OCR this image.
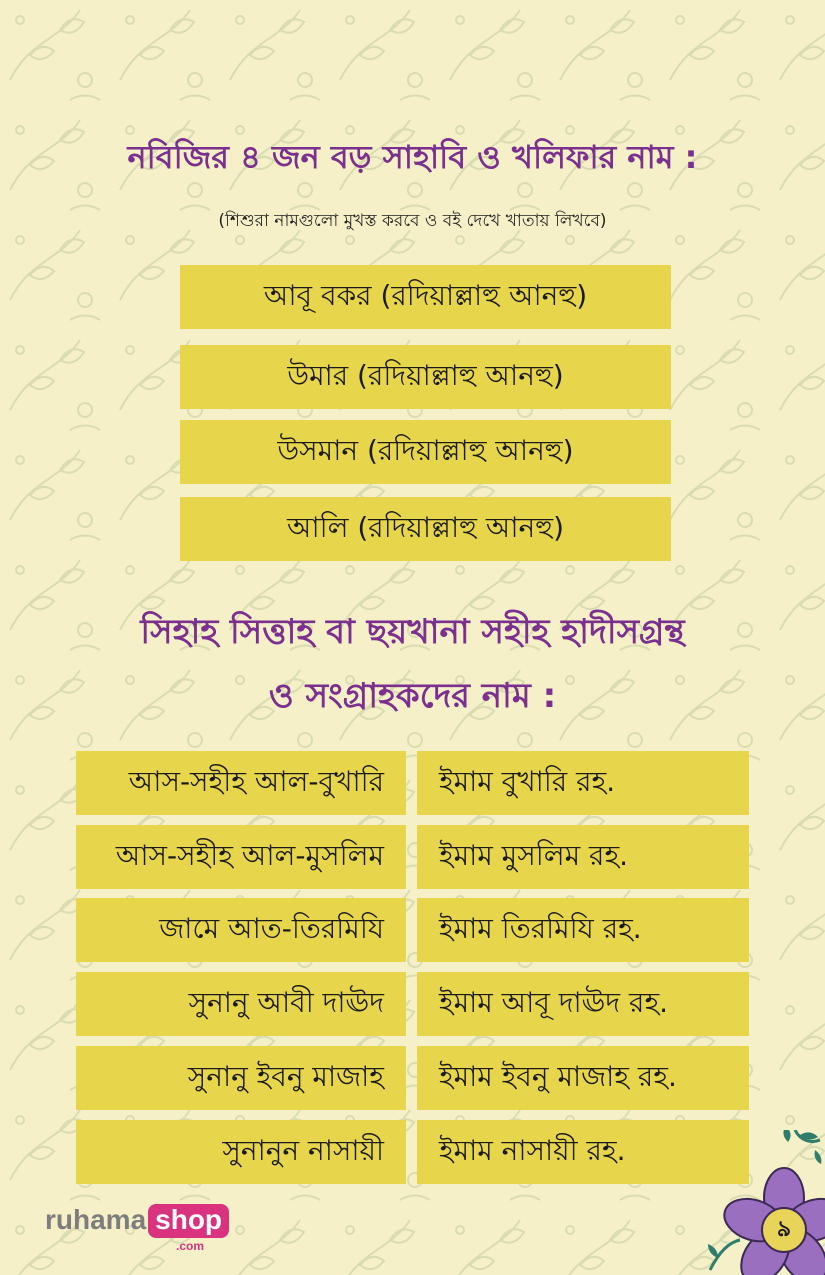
নবিজির ৪ জন বড় সাহাবি ও খলিফার নাম :
(শিশুরা নামগুলো মুখস্ত করবে ও বই দেখে খাতায় লিখবে)
আবূ বকর (রদিয়াল্লাহু আনহু)
উমার (রদিয়াল্লাহু আনহু)
উসমান (রদিয়াল্লাহু আনহু)
আলি (রদিয়াল্লাহু আনহু)
সিহাহ সিত্তাহ বা ছয়খানা সহীহ হাদীসগ্রন্থ
ও সংগ্রাহকদের নাম :
আস-সহীহ আল-বুখারি	ইমাম বুখারি রহ.
আস-সহীহ আল-মুসলিম	ইমাম মুসলিম রহ.
জামে আত-তিরমিযি	ইমাম তিরমিযি রহ.
সুনানু আবী দাঊদ	ইমাম আবূ দাঊদ রহ.
সুনানু ইবনু মাজাহ	ইমাম ইবনু মাজাহ রহ.
সুনানুন নাসায়ী	ইমাম নাসায়ী রহ.
ruhama shop
.com
৯
